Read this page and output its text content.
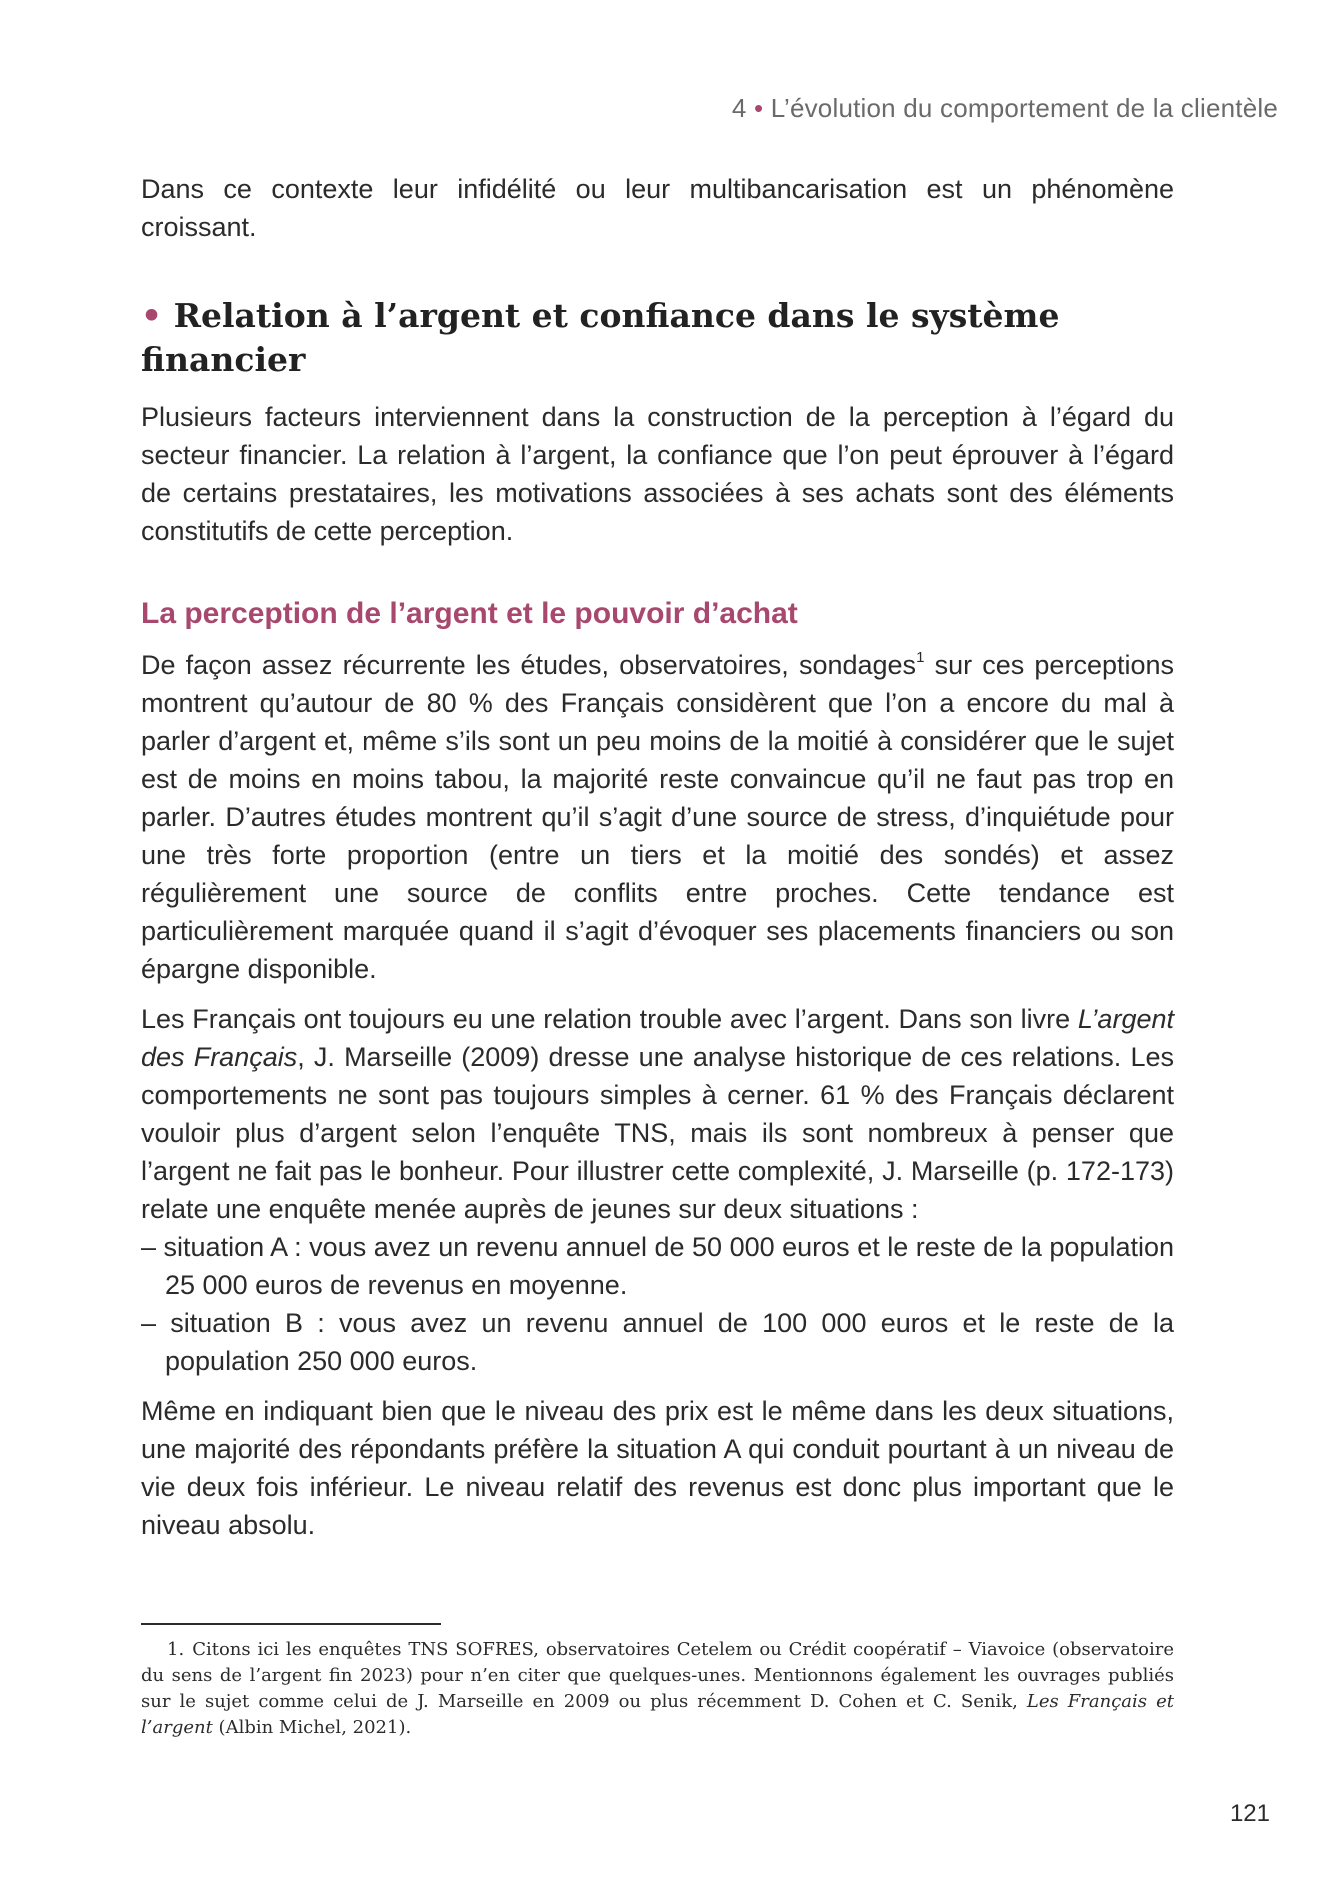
4 • L’évolution du comportement de la clientèle

Dans ce contexte leur infidélité ou leur multibancarisation est un phénomène croissant.

• Relation à l’argent et confiance dans le système financier

Plusieurs facteurs interviennent dans la construction de la perception à l’égard du secteur financier. La relation à l’argent, la confiance que l’on peut éprouver à l’égard de certains prestataires, les motivations associées à ses achats sont des éléments constitutifs de cette perception.

La perception de l’argent et le pouvoir d’achat

De façon assez récurrente les études, observatoires, sondages$^1$ sur ces perceptions montrent qu’autour de 80 % des Français considèrent que l’on a encore du mal à parler d’argent et, même s’ils sont un peu moins de la moitié à considérer que le sujet est de moins en moins tabou, la majorité reste convaincue qu’il ne faut pas trop en parler. D’autres études montrent qu’il s’agit d’une source de stress, d’inquiétude pour une très forte proportion (entre un tiers et la moitié des sondés) et assez régulièrement une source de conflits entre proches. Cette tendance est particulièrement marquée quand il s’agit d’évoquer ses placements financiers ou son épargne disponible.

Les Français ont toujours eu une relation trouble avec l’argent. Dans son livre L’argent des Français, J. Marseille (2009) dresse une analyse historique de ces relations. Les comportements ne sont pas toujours simples à cerner. 61 % des Français déclarent vouloir plus d’argent selon l’enquête TNS, mais ils sont nombreux à penser que l’argent ne fait pas le bonheur. Pour illustrer cette complexité, J. Marseille (p. 172-173) relate une enquête menée auprès de jeunes sur deux situations :

– situation A : vous avez un revenu annuel de 50 000 euros et le reste de la population 25 000 euros de revenus en moyenne.
– situation B : vous avez un revenu annuel de 100 000 euros et le reste de la population 250 000 euros.

Même en indiquant bien que le niveau des prix est le même dans les deux situations, une majorité des répondants préfère la situation A qui conduit pourtant à un niveau de vie deux fois inférieur. Le niveau relatif des revenus est donc plus important que le niveau absolu.

1. Citons ici les enquêtes TNS SOFRES, observatoires Cetelem ou Crédit coopératif – Viavoice (observatoire du sens de l’argent fin 2023) pour n’en citer que quelques-unes. Mentionnons également les ouvrages publiés sur le sujet comme celui de J. Marseille en 2009 ou plus récemment D. Cohen et C. Senik, Les Français et l’argent (Albin Michel, 2021).
121
